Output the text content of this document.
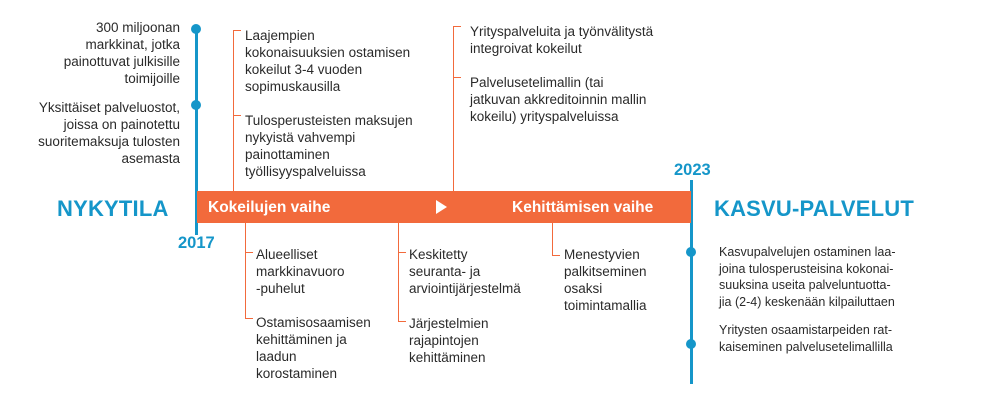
NYKYTILA	KASVU-PALVELUT
2017
2023
Kokeilujen vaihe	Kehittämisen vaihe
300 miljoonan
markkinat, jotka
painottuvat julkisille
toimijoille
Yksittäiset palveluostot,
joissa on painotettu
suoritemaksuja tulosten
asemasta
Laajempien
kokonaisuuksien ostamisen
kokeilut 3-4 vuoden
sopimuskausilla
Tulosperusteisten maksujen
nykyistä vahvempi
painottaminen
työllisyyspalveluissa
Yrityspalveluita ja työnvälitystä
integroivat kokeilut
Palvelusetelimallin (tai
jatkuvan akkreditoinnin mallin
kokeilu) yrityspalveluissa
Alueelliset
markkinavuoro
-puhelut
Ostamisosaamisen
kehittäminen ja
laadun
korostaminen
Keskitetty
seuranta- ja
arviointijärjestelmä
Järjestelmien
rajapintojen
kehittäminen
Menestyvien
palkitseminen
osaksi
toimintamallia
Kasvupalvelujen ostaminen laa-
joina tulosperusteisina kokonai-
suuksina useita palveluntuotta-
jia (2-4) keskenään kilpailuttaen
Yritysten osaamistarpeiden rat-
kaiseminen palvelusetelimallilla
